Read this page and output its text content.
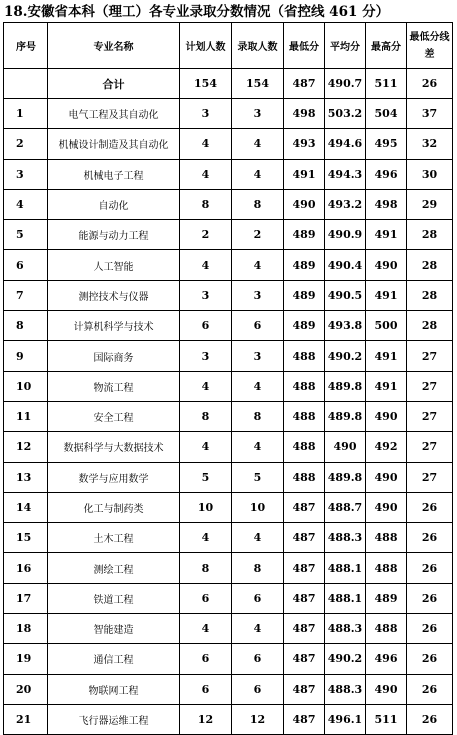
18.安徽省本科（理工）各专业录取分数情况（省控线 461 分）
序号	专业名称	计划人数	录取人数	最低分	平均分	最高分	最低分线差
	合计	154	154	487	490.7	511	26
1	电气工程及其自动化	3	3	498	503.2	504	37
2	机械设计制造及其自动化	4	4	493	494.6	495	32
3	机械电子工程	4	4	491	494.3	496	30
4	自动化	8	8	490	493.2	498	29
5	能源与动力工程	2	2	489	490.9	491	28
6	人工智能	4	4	489	490.4	490	28
7	测控技术与仪器	3	3	489	490.5	491	28
8	计算机科学与技术	6	6	489	493.8	500	28
9	国际商务	3	3	488	490.2	491	27
10	物流工程	4	4	488	489.8	491	27
11	安全工程	8	8	488	489.8	490	27
12	数据科学与大数据技术	4	4	488	490	492	27
13	数学与应用数学	5	5	488	489.8	490	27
14	化工与制药类	10	10	487	488.7	490	26
15	土木工程	4	4	487	488.3	488	26
16	测绘工程	8	8	487	488.1	488	26
17	铁道工程	6	6	487	488.1	489	26
18	智能建造	4	4	487	488.3	488	26
19	通信工程	6	6	487	490.2	496	26
20	物联网工程	6	6	487	488.3	490	26
21	飞行器运维工程	12	12	487	496.1	511	26
